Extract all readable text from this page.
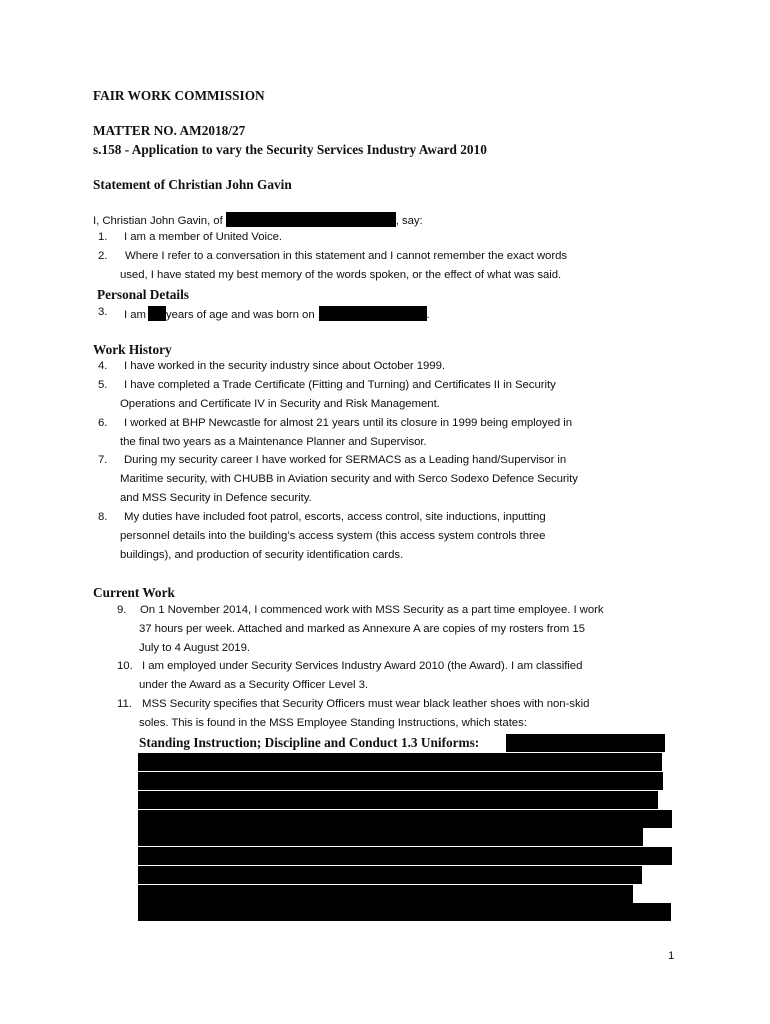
FAIR WORK COMMISSION
MATTER NO. AM2018/27
s.158 - Application to vary the Security Services Industry Award 2010
Statement of Christian John Gavin
I, Christian John Gavin, of	, say:
1. I am a member of United Voice.
2. Where I refer to a conversation in this statement and I cannot remember the exact words
used, I have stated my best memory of the words spoken, or the effect of what was said.
Personal Details
3. I am years of age and was born on	.
Work History
4. I have worked in the security industry since about October 1999.
5. I have completed a Trade Certificate (Fitting and Turning) and Certificates II in Security
Operations and Certificate IV in Security and Risk Management.
6. I worked at BHP Newcastle for almost 21 years until its closure in 1999 being employed in
the final two years as a Maintenance Planner and Supervisor.
7. During my security career I have worked for SERMACS as a Leading hand/Supervisor in
Maritime security, with CHUBB in Aviation security and with Serco Sodexo Defence Security
and MSS Security in Defence security.
8. My duties have included foot patrol, escorts, access control, site inductions, inputting
personnel details into the building’s access system (this access system controls three
buildings), and production of security identification cards.
Current Work
9. On 1 November 2014, I commenced work with MSS Security as a part time employee. I work
37 hours per week. Attached and marked as Annexure A are copies of my rosters from 15
July to 4 August 2019.
10. I am employed under Security Services Industry Award 2010 (the Award). I am classified
under the Award as a Security Officer Level 3.
11. MSS Security specifies that Security Officers must wear black leather shoes with non-skid
soles. This is found in the MSS Employee Standing Instructions, which states:
Standing Instruction; Discipline and Conduct 1.3 Uniforms:
1
